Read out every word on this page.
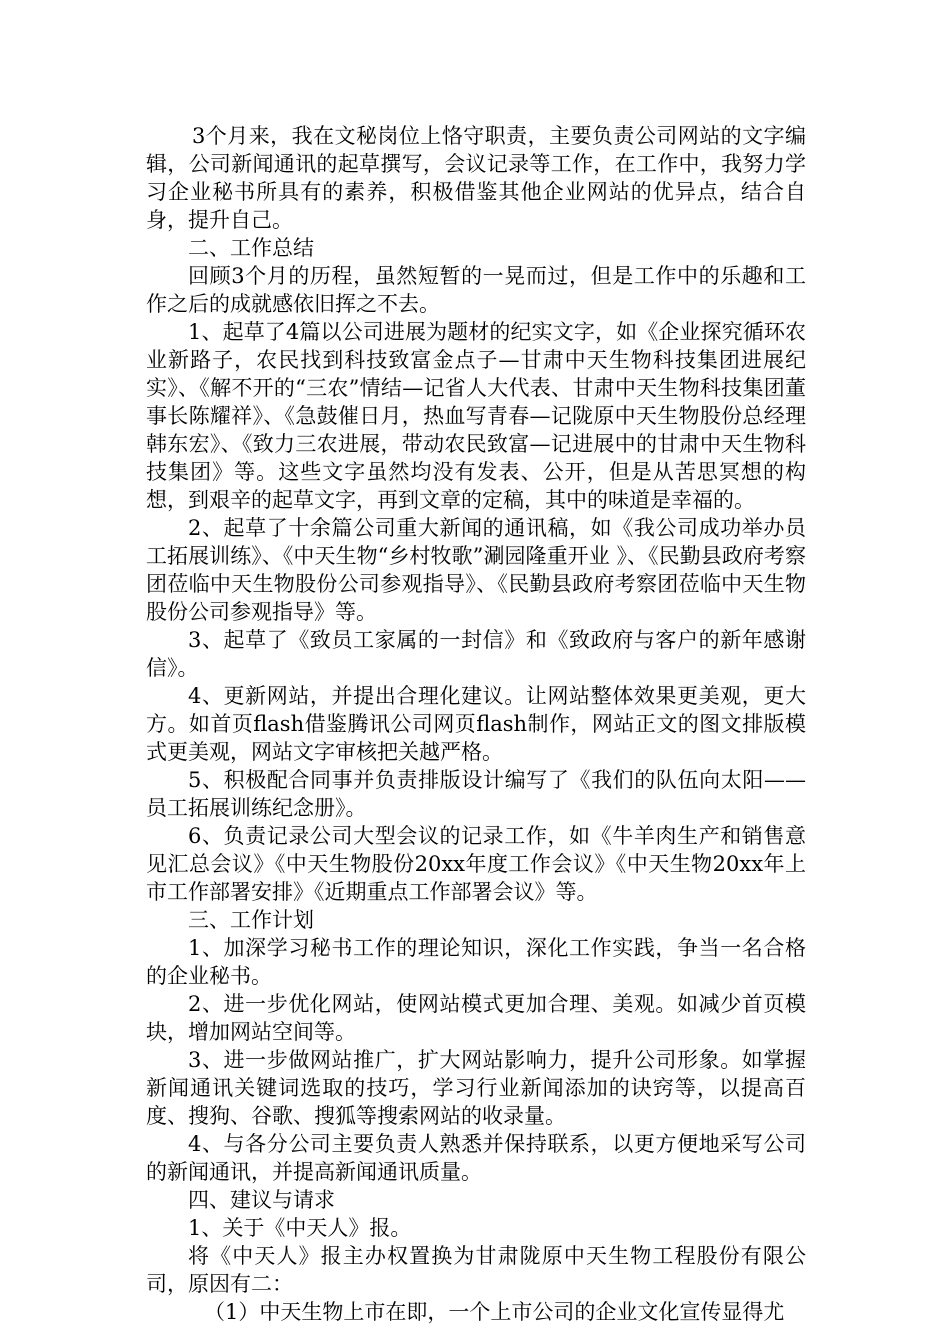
3个月来，我在文秘岗位上恪守职责，主要负责公司网站的文字编辑，公司新闻通讯的起草撰写，会议记录等工作，在工作中，我努力学习企业秘书所具有的素养，积极借鉴其他企业网站的优异点，结合自身，提升自己。

二、工作总结

回顾3个月的历程，虽然短暂的一晃而过，但是工作中的乐趣和工作之后的成就感依旧挥之不去。

1、起草了4篇以公司进展为题材的纪实文字，如《企业探究循环农业新路子，农民找到科技致富金点子—甘肃中天生物科技集团进展纪实》、《解不开的“三农”情结—记省人大代表、甘肃中天生物科技集团董事长陈耀祥》、《急鼓催日月，热血写青春—记陇原中天生物股份总经理韩东宏》、《致力三农进展，带动农民致富—记进展中的甘肃中天生物科技集团》等。这些文字虽然均没有发表、公开，但是从苦思冥想的构想，到艰辛的起草文字，再到文章的定稿，其中的味道是幸福的。

2、起草了十余篇公司重大新闻的通讯稿，如《我公司成功举办员工拓展训练》、《中天生物“乡村牧歌”涮园隆重开业 》、《民勤县政府考察团莅临中天生物股份公司参观指导》、《民勤县政府考察团莅临中天生物股份公司参观指导》等。

3、起草了《致员工家属的一封信》和《致政府与客户的新年感谢信》。

4、更新网站，并提出合理化建议。让网站整体效果更美观，更大方。如首页flash借鉴腾讯公司网页flash制作，网站正文的图文排版模式更美观，网站文字审核把关越严格。

5、积极配合同事并负责排版设计编写了《我们的队伍向太阳——员工拓展训练纪念册》。

6、负责记录公司大型会议的记录工作，如《牛羊肉生产和销售意见汇总会议》《中天生物股份20xx年度工作会议》《中天生物20xx年上市工作部署安排》《近期重点工作部署会议》等。

三、工作计划

1、加深学习秘书工作的理论知识，深化工作实践，争当一名合格的企业秘书。

2、进一步优化网站，使网站模式更加合理、美观。如减少首页模块，增加网站空间等。

3、进一步做网站推广，扩大网站影响力，提升公司形象。如掌握新闻通讯关键词选取的技巧，学习行业新闻添加的诀窍等，以提高百度、搜狗、谷歌、搜狐等搜索网站的收录量。

4、与各分公司主要负责人熟悉并保持联系，以更方便地采写公司的新闻通讯，并提高新闻通讯质量。

四、建议与请求

1、关于《中天人》报。

将《中天人》报主办权置换为甘肃陇原中天生物工程股份有限公司，原因有二：

（1）中天生物上市在即，一个上市公司的企业文化宣传显得尤
